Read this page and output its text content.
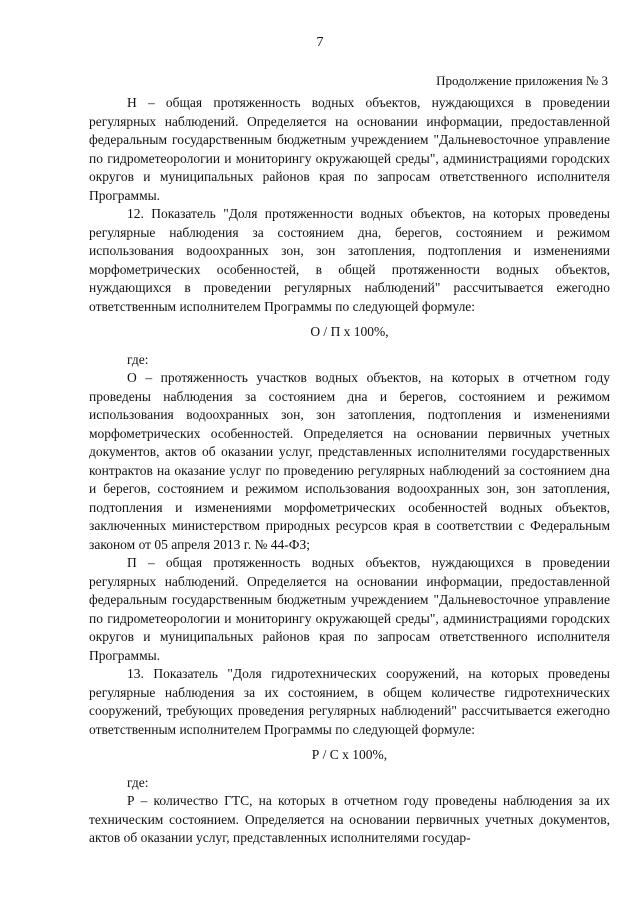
7
Продолжение приложения № 3

Н – общая протяженность водных объектов, нуждающихся в проведении регулярных наблюдений. Определяется на основании информации, предоставленной федеральным государственным бюджетным учреждением "Дальневосточное управление по гидрометеорологии и мониторингу окружающей среды", администрациями городских округов и муниципальных районов края по запросам ответственного исполнителя Программы.

12. Показатель "Доля протяженности водных объектов, на которых проведены регулярные наблюдения за состоянием дна, берегов, состоянием и режимом использования водоохранных зон, зон затопления, подтопления и изменениями морфометрических особенностей, в общей протяженности водных объектов, нуждающихся в проведении регулярных наблюдений" рассчитывается ежегодно ответственным исполнителем Программы по следующей формуле:

О / П х 100%,

где:

О – протяженность участков водных объектов, на которых в отчетном году проведены наблюдения за состоянием дна и берегов, состоянием и режимом использования водоохранных зон, зон затопления, подтопления и изменениями морфометрических особенностей. Определяется на основании первичных учетных документов, актов об оказании услуг, представленных исполнителями государственных контрактов на оказание услуг по проведению регулярных наблюдений за состоянием дна и берегов, состоянием и режимом использования водоохранных зон, зон затопления, подтопления и изменениями морфометрических особенностей водных объектов, заключенных министерством природных ресурсов края в соответствии с Федеральным законом от 05 апреля 2013 г. № 44-ФЗ;

П – общая протяженность водных объектов, нуждающихся в проведении регулярных наблюдений. Определяется на основании информации, предоставленной федеральным государственным бюджетным учреждением "Дальневосточное управление по гидрометеорологии и мониторингу окружающей среды", администрациями городских округов и муниципальных районов края по запросам ответственного исполнителя Программы.

13. Показатель "Доля гидротехнических сооружений, на которых проведены регулярные наблюдения за их состоянием, в общем количестве гидротехнических сооружений, требующих проведения регулярных наблюдений" рассчитывается ежегодно ответственным исполнителем Программы по следующей формуле:

Р / С х 100%,

где:

Р – количество ГТС, на которых в отчетном году проведены наблюдения за их техническим состоянием. Определяется на основании первичных учетных документов, актов об оказании услуг, представленных исполнителями государ-
